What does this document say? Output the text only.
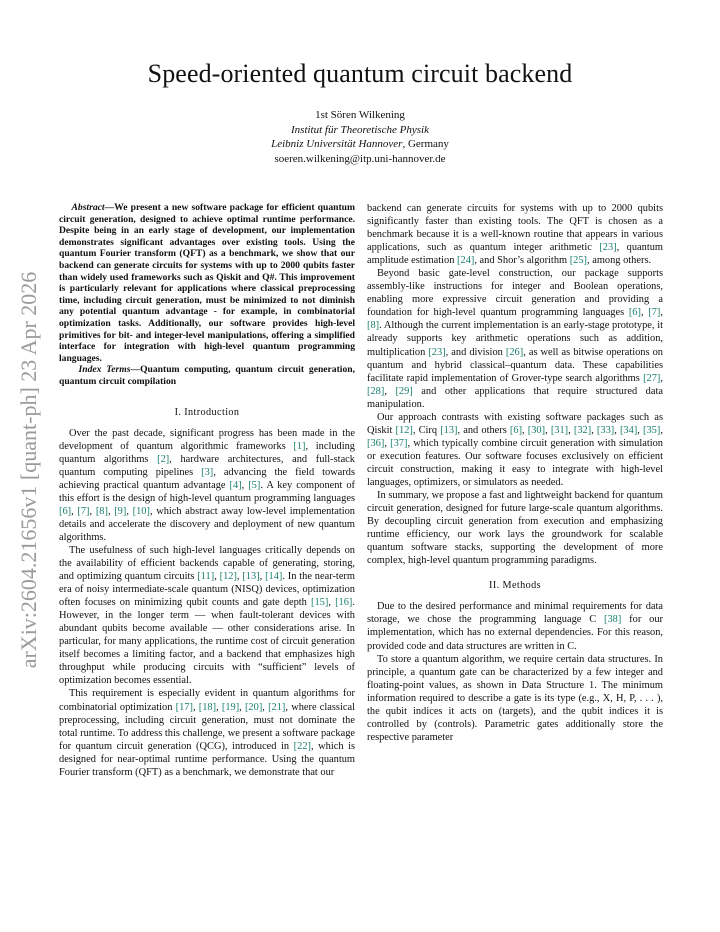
arXiv:2604.21656v1 [quant-ph] 23 Apr 2026
Speed-oriented quantum circuit backend
1st Sören Wilkening
Institut für Theoretische Physik
Leibniz Universität Hannover, Germany
soeren.wilkening@itp.uni-hannover.de
Abstract—We present a new software package for efficient quantum circuit generation, designed to achieve optimal runtime performance. Despite being in an early stage of development, our implementation demonstrates significant advantages over existing tools. Using the quantum Fourier transform (QFT) as a benchmark, we show that our backend can generate circuits for systems with up to 2000 qubits faster than widely used frameworks such as Qiskit and Q#. This improvement is particularly relevant for applications where classical preprocessing time, including circuit generation, must be minimized to not diminish any potential quantum advantage - for example, in combinatorial optimization tasks. Additionally, our software provides high-level primitives for bit- and integer-level manipulations, offering a simplified interface for integration with high-level quantum programming languages.
Index Terms—Quantum computing, quantum circuit generation, quantum circuit compilation
I. Introduction

Over the past decade, significant progress has been made in the development of quantum algorithmic frameworks [1], including quantum algorithms [2], hardware architectures, and full-stack quantum computing pipelines [3], advancing the field towards achieving practical quantum advantage [4], [5]. A key component of this effort is the design of high-level quantum programming languages [6], [7], [8], [9], [10], which abstract away low-level implementation details and accelerate the discovery and deployment of new quantum algorithms.

The usefulness of such high-level languages critically depends on the availability of efficient backends capable of generating, storing, and optimizing quantum circuits [11], [12], [13], [14]. In the near-term era of noisy intermediate-scale quantum (NISQ) devices, optimization often focuses on minimizing qubit counts and gate depth [15], [16]. However, in the longer term — when fault-tolerant devices with abundant qubits become available — other considerations arise. In particular, for many applications, the runtime cost of circuit generation itself becomes a limiting factor, and a backend that emphasizes high throughput while producing circuits with “sufficient” levels of optimization becomes essential.

This requirement is especially evident in quantum algorithms for combinatorial optimization [17], [18], [19], [20], [21], where classical preprocessing, including circuit generation, must not dominate the total runtime. To address this challenge, we present a software package for quantum circuit generation (QCG), introduced in [22], which is designed for near-optimal runtime performance. Using the quantum Fourier transform (QFT) as a benchmark, we demonstrate that our

backend can generate circuits for systems with up to 2000 qubits significantly faster than existing tools. The QFT is chosen as a benchmark because it is a well-known routine that appears in various applications, such as quantum integer arithmetic [23], quantum amplitude estimation [24], and Shor’s algorithm [25], among others.

Beyond basic gate-level construction, our package supports assembly-like instructions for integer and Boolean operations, enabling more expressive circuit generation and providing a foundation for high-level quantum programming languages [6], [7], [8]. Although the current implementation is an early-stage prototype, it already supports key arithmetic operations such as addition, multiplication [23], and division [26], as well as bitwise operations on quantum and hybrid classical–quantum data. These capabilities facilitate rapid implementation of Grover-type search algorithms [27], [28], [29] and other applications that require structured data manipulation.

Our approach contrasts with existing software packages such as Qiskit [12], Cirq [13], and others [6], [30], [31], [32], [33], [34], [35], [36], [37], which typically combine circuit generation with simulation or execution features. Our software focuses exclusively on efficient circuit construction, making it easy to integrate with high-level languages, optimizers, or simulators as needed.

In summary, we propose a fast and lightweight backend for quantum circuit generation, designed for future large-scale quantum algorithms. By decoupling circuit generation from execution and emphasizing runtime efficiency, our work lays the groundwork for scalable quantum software stacks, supporting the development of more complex, high-level quantum programming paradigms.

II. Methods

Due to the desired performance and minimal requirements for data storage, we chose the programming language C [38] for our implementation, which has no external dependencies. For this reason, provided code and data structures are written in C.

To store a quantum algorithm, we require certain data structures. In principle, a quantum gate can be characterized by a few integer and floating-point values, as shown in Data Structure 1. The minimum information required to describe a gate is its type (e.g., X, H, P, . . . ), the qubit indices it acts on (targets), and the qubit indices it is controlled by (controls). Parametric gates additionally store the respective parameter
